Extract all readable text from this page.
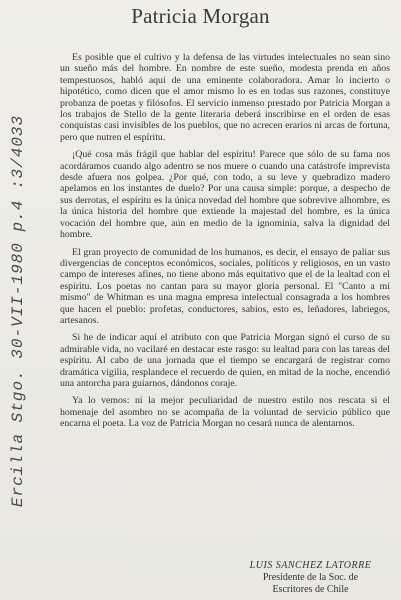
Patricia Morgan
Ercilla Stgo. 30-VII-1980 p.4 :3/4033

Es posible que el cultivo y la defensa de las virtudes intelectuales no sean sino un sueño más del hombre. En nombre de este sueño, modesta prenda en años tempestuosos, habló aquí de una eminente colaboradora. Amar lo incierto o hipotético, como dicen que el amor mismo lo es en todas sus razones, constituye probanza de poetas y filósofos. El servicio inmenso prestado por Patricia Morgan a los trabajos de Stello de la gente literaria deberá inscribirse en el orden de esas conquistas casi invisibles de los pueblos, que no acrecen erarios ni arcas de fortuna, pero que nutren el espíritu.

¡Qué cosa más frágil que hablar del espíritu! Parece que sólo de su fama nos acordáramos cuando algo adentro se nos muere o cuando una catástrofe imprevista desde afuera nos golpea. ¿Por qué, con todo, a su leve y quebradizo madero apelamos en los instantes de duelo? Por una causa simple: porque, a despecho de sus derrotas, el espíritu es la única novedad del hombre que sobrevive alhombre, es la única historia del hombre que extiende la majestad del hombre, es la única vocación del hombre que, aún en medio de la ignominia, salva la dignidad del hombre.

El gran proyecto de comunidad de los humanos, es decir, el ensayo de paliar sus divergencias de conceptos económicos, sociales, políticos y religiosos, en un vasto campo de intereses afines, no tiene abono más equitativo que el de la lealtad con el espíritu. Los poetas no cantan para su mayor gloria personal. El "Canto a mí mismo" de Whitman es una magna empresa intelectual consagrada a los hombres que hacen el pueblo: profetas, conductores, sabios, esto es, leñadores, labriegos, artesanos.

Si he de indicar aquí el atributo con que Patricia Morgan signó el curso de su admirable vida, no vacilaré en destacar este rasgo: su lealtad para con las tareas del espíritu. Al cabo de una jornada que el tiempo se encargará de registrar como dramática vigilia, resplandece el recuerdo de quien, en mitad de la noche, encendió una antorcha para guiarnos, dándonos coraje.

Ya lo vemos: ni la mejor peculiaridad de nuestro estilo nos rescata si el homenaje del asombro no se acompaña de la voluntad de servicio público que encarna el poeta. La voz de Patricia Morgan no cesará nunca de alentarnos.

LUIS SANCHEZ LATORRE
Presidente de la Soc. de
Escritores de Chile
